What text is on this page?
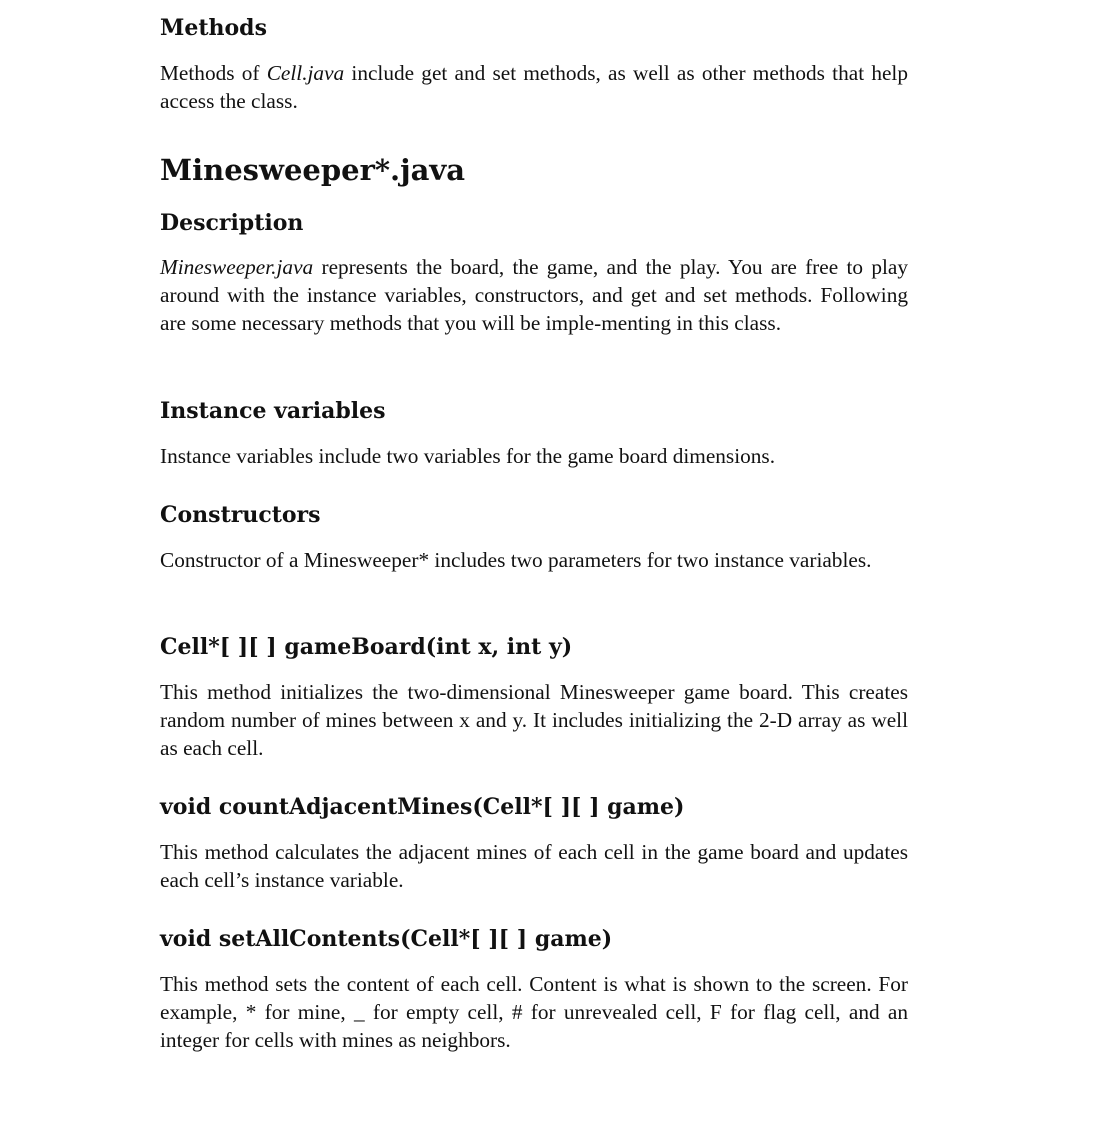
Methods

Methods of Cell.java include get and set methods, as well as other methods that help access the class.

Minesweeper*.java
Description

Minesweeper.java represents the board, the game, and the play. You are free to play around with the instance variables, constructors, and get and set methods. Following are some necessary methods that you will be imple-menting in this class.

Instance variables

Instance variables include two variables for the game board dimensions.

Constructors

Constructor of a Minesweeper* includes two parameters for two instance variables.

Cell*[ ][ ] gameBoard(int x, int y)

This method initializes the two-dimensional Minesweeper game board. This creates random number of mines between x and y. It includes initializing the 2-D array as well as each cell.

void countAdjacentMines(Cell*[ ][ ] game)

This method calculates the adjacent mines of each cell in the game board and updates each cell’s instance variable.

void setAllContents(Cell*[ ][ ] game)

This method sets the content of each cell. Content is what is shown to the screen. For example, * for mine, _ for empty cell, # for unrevealed cell, F for flag cell, and an integer for cells with mines as neighbors.
